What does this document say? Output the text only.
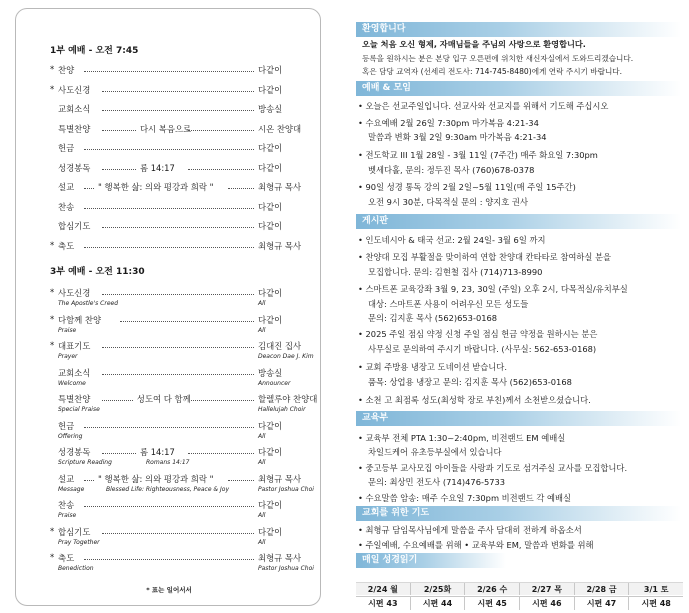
1부 예배 - 오전 7:45
* 찬양	다같이
* 사도신경	다같이
교회소식	방송실
특별찬양	다시 복음으로	시온 찬양대
헌금	다같이
성경봉독	롬 14:17	다같이
설교	" 행복한 삶: 의와 평강과 희락 "	최형규 목사
찬송	다같이
합심기도	다같이
* 축도	최형규 목사
3부 예배 - 오전 11:30
* 사도신경	다같이
The Apostle's Creed	All
* 다함께 찬양	다같이
Praise	All
* 대표기도	김대진 집사
Prayer	Deacon Dae J. Kim
교회소식	방송실
Welcome	Announcer
특별찬양	성도여 다 함께	할렐루야 찬양대
Special Praise	Hallelujah Choir
헌금	다같이
Offering	All
성경봉독	롬 14:17	다같이
Scripture Reading	Romans 14:17	All
설교	" 행복한 삶: 의와 평강과 희락 "	최형규 목사
Message	Blessed Life: Righteousness, Peace & Joy	Pastor Joshua Choi
찬송	다같이
Praise	All
* 합심기도	다같이
Pray Together	All
* 축도	최형규 목사
Benediction	Pastor Joshua Choi
* 표는 일어서서
환영합니다
오늘 처음 오신 형제, 자매님들을 주님의 사랑으로 환영합니다.
등록을 원하시는 분은 본당 입구 오른편에 위치한 새신자실에서 도와드리겠습니다.
혹은 담당 교역자 (선세리 전도사: 714-745-8480)에게 연락 주시기 바랍니다.
예배 & 모임
• 오늘은 선교주일입니다. 선교사와 선교지를 위해서 기도해 주십시오
• 수요예배 2월 26일 7:30pm 마가복음 4:21-34
말씀과 변화 3월 2일 9:30am 마가복음 4:21-34
• 전도학교 III 1월 28일 - 3월 11일 (7주간) 매주 화요일 7:30pm
벳세다홀, 문의: 정두진 목사 (760)678-0378
• 90일 성경 통독 강의 2월 2일~5월 11일(매 주일 15주간)
오전 9시 30분, 다목적실 문의 : 양지호 권사
게시판
• 인도네시아 & 태국 선교: 2월 24일- 3월 6일 까지
• 찬양대 모집 부활절을 맞이하여 연합 찬양대 칸타타로 참여하실 분을
모집합니다. 문의: 김현철 집사 (714)713-8990
• 스마트폰 교육강좌 3월 9, 23, 30일 (주일) 오후 2시, 다목적실/유치부실
대상: 스마트폰 사용이 어려우신 모든 성도들
문의: 김지훈 목사 (562)653-0168
• 2025 주일 점심 약정 신청 주일 점심 헌금 약정을 원하시는 분은
사무실로 문의하여 주시기 바랍니다. (사무실: 562-653-0168)
• 교회 주방용 냉장고 도네이션 받습니다.
품목: 상업용 냉장고 문의: 김지훈 목사 (562)653-0168
• 소천 고 최점록 성도(최성학 장로 부친)께서 소천받으셨습니다.
교육부
• 교육부 전체 PTA 1:30~2:40pm, 비전랜드 EM 예배실
차일드케어 유초등부실에서 있습니다
• 중고등부 교사모집 아이들을 사랑과 기도로 섬겨주실 교사를 모집합니다.
문의: 최상민 전도사 (714)476-5733
• 수요말씀 암송: 매주 수요일 7:30pm 비전랜드 각 예배실
교회를 위한 기도
• 최형규 담임목사님에게 말씀을 주사 담대히 전하게 하옵소서
• 주일예배, 수요예배를 위해 • 교육부와 EM, 말씀과 변화를 위해
매일 성경읽기
2/24 월	2/25화	2/26 수	2/27 목	2/28 금	3/1 토
시편 43	시편 44	시편 45	시편 46	시편 47	시편 48
